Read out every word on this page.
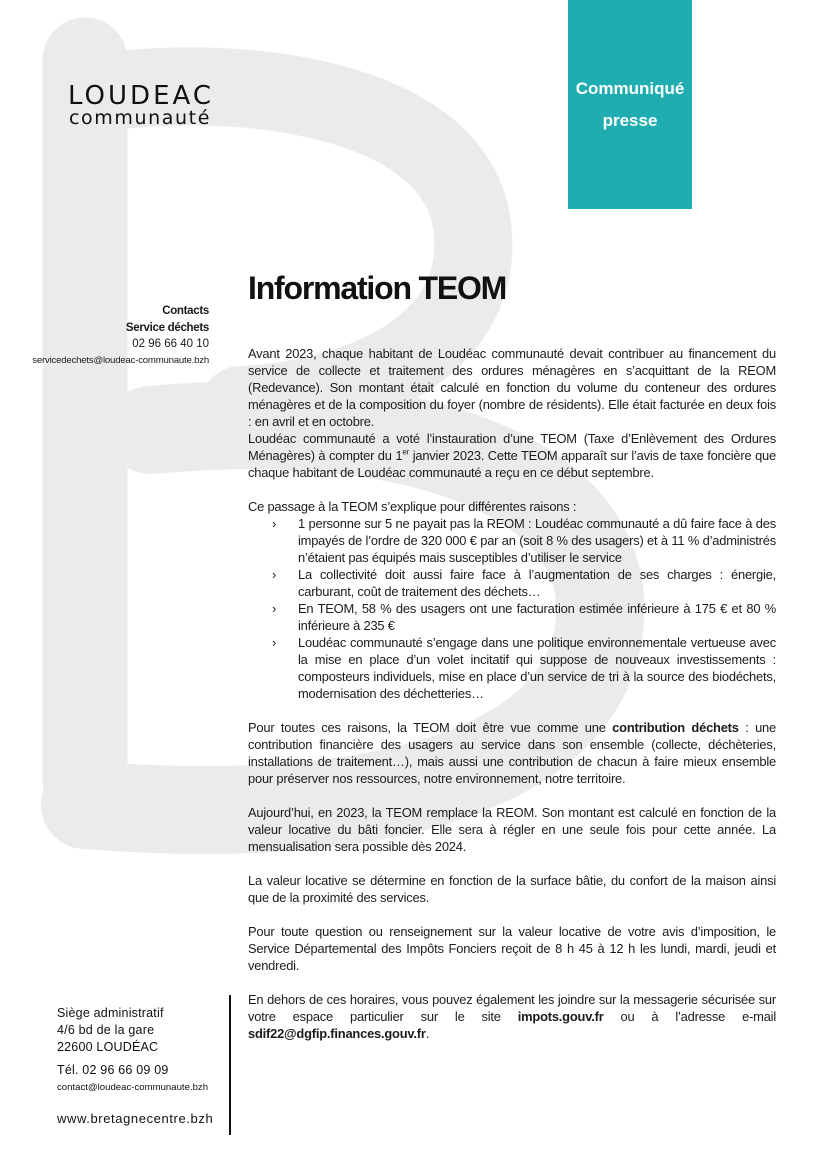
LOUDEAC
communauté
Communiqué
presse
Information TEOM
Contacts
Service déchets
02 96 66 40 10
servicedechets@loudeac-communaute.bzh	Avant 2023, chaque habitant de Loudéac communauté devait contribuer au financement du service de collecte et traitement des ordures ménagères en s’acquittant de la REOM (Redevance). Son montant était calculé en fonction du volume du conteneur des ordures ménagères et de la composition du foyer (nombre de résidents). Elle était facturée en deux fois : en avril et en octobre.

Loudéac communauté a voté l’instauration d’une TEOM (Taxe d’Enlèvement des Ordures Ménagères) à compter du 1er janvier 2023. Cette TEOM apparaît sur l’avis de taxe foncière que chaque habitant de Loudéac communauté a reçu en ce début septembre.

Ce passage à la TEOM s’explique pour différentes raisons :

› 1 personne sur 5 ne payait pas la REOM : Loudéac communauté a dû faire face à des impayés de l’ordre de 320 000 € par an (soit 8 % des usagers) et à 11 % d’administrés n’étaient pas équipés mais susceptibles d’utiliser le service
› La collectivité doit aussi faire face à l’augmentation de ses charges : énergie, carburant, coût de traitement des déchets…
› En TEOM, 58 % des usagers ont une facturation estimée inférieure à 175 € et 80 % inférieure à 235 €
› Loudéac communauté s’engage dans une politique environnementale vertueuse avec la mise en place d’un volet incitatif qui suppose de nouveaux investissements : composteurs individuels, mise en place d’un service de tri à la source des biodéchets, modernisation des déchetteries…

Pour toutes ces raisons, la TEOM doit être vue comme une contribution déchets : une contribution financière des usagers au service dans son ensemble (collecte, déchèteries, installations de traitement…), mais aussi une contribution de chacun à faire mieux ensemble pour préserver nos ressources, notre environnement, notre territoire.

Aujourd’hui, en 2023, la TEOM remplace la REOM. Son montant est calculé en fonction de la valeur locative du bâti foncier. Elle sera à régler en une seule fois pour cette année. La mensualisation sera possible dès 2024.

La valeur locative se détermine en fonction de la surface bâtie, du confort de la maison ainsi que de la proximité des services.

Pour toute question ou renseignement sur la valeur locative de votre avis d’imposition, le Service Départemental des Impôts Fonciers reçoit de 8 h 45 à 12 h les lundi, mardi, jeudi et vendredi.

En dehors de ces horaires, vous pouvez également les joindre sur la messagerie sécurisée sur votre espace particulier sur le site impots.gouv.fr ou à l’adresse e-mail sdif22@dgfip.finances.gouv.fr.

Siège administratif
4/6 bd de la gare
22600 LOUDÉAC
Tél. 02 96 66 09 09
contact@loudeac-communaute.bzh
www.bretagnecentre.bzh
